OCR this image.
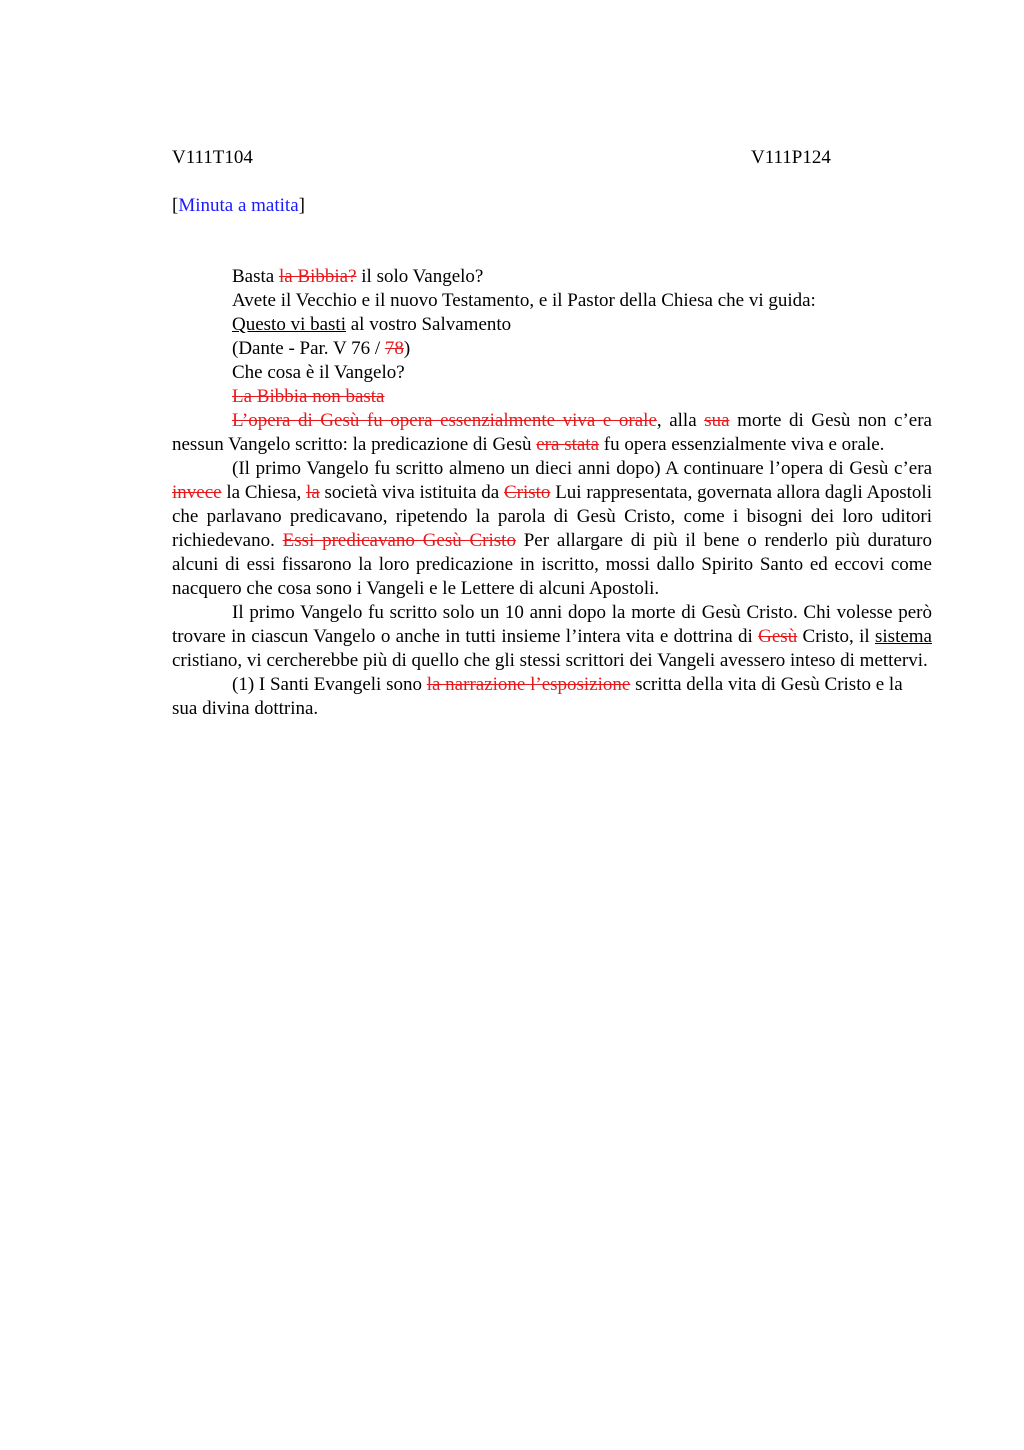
V111T104	V111P124
[Minuta a matita]
Basta la Bibbia? il solo Vangelo?
Avete il Vecchio e il nuovo Testamento, e il Pastor della Chiesa che vi guida:
Questo vi basti al vostro Salvamento
(Dante - Par. V 76 / 78)
Che cosa è il Vangelo?
La Bibbia non basta

L’opera di Gesù fu opera essenzialmente viva e orale, alla sua morte di Gesù non c’era nessun Vangelo scritto: la predicazione di Gesù era stata fu opera essenzialmente viva e orale.

(Il primo Vangelo fu scritto almeno un dieci anni dopo) A continuare l’opera di Gesù c’era invece la Chiesa, la società viva istituita da Cristo Lui rappresentata, governata allora dagli Apostoli che parlavano predicavano, ripetendo la parola di Gesù Cristo, come i bisogni dei loro uditori richiedevano. Essi predicavano Gesù Cristo Per allargare di più il bene o renderlo più duraturo alcuni di essi fissarono la loro predicazione in iscritto, mossi dallo Spirito Santo ed eccovi come nacquero che cosa sono i Vangeli e le Lettere di alcuni Apostoli.

Il primo Vangelo fu scritto solo un 10 anni dopo la morte di Gesù Cristo. Chi volesse però trovare in ciascun Vangelo o anche in tutti insieme l’intera vita e dottrina di Gesù Cristo, il sistema cristiano, vi cercherebbe più di quello che gli stessi scrittori dei Vangeli avessero inteso di mettervi.

(1) I Santi Evangeli sono la narrazione l’esposizione scritta della vita di Gesù Cristo e la sua divina dottrina.
